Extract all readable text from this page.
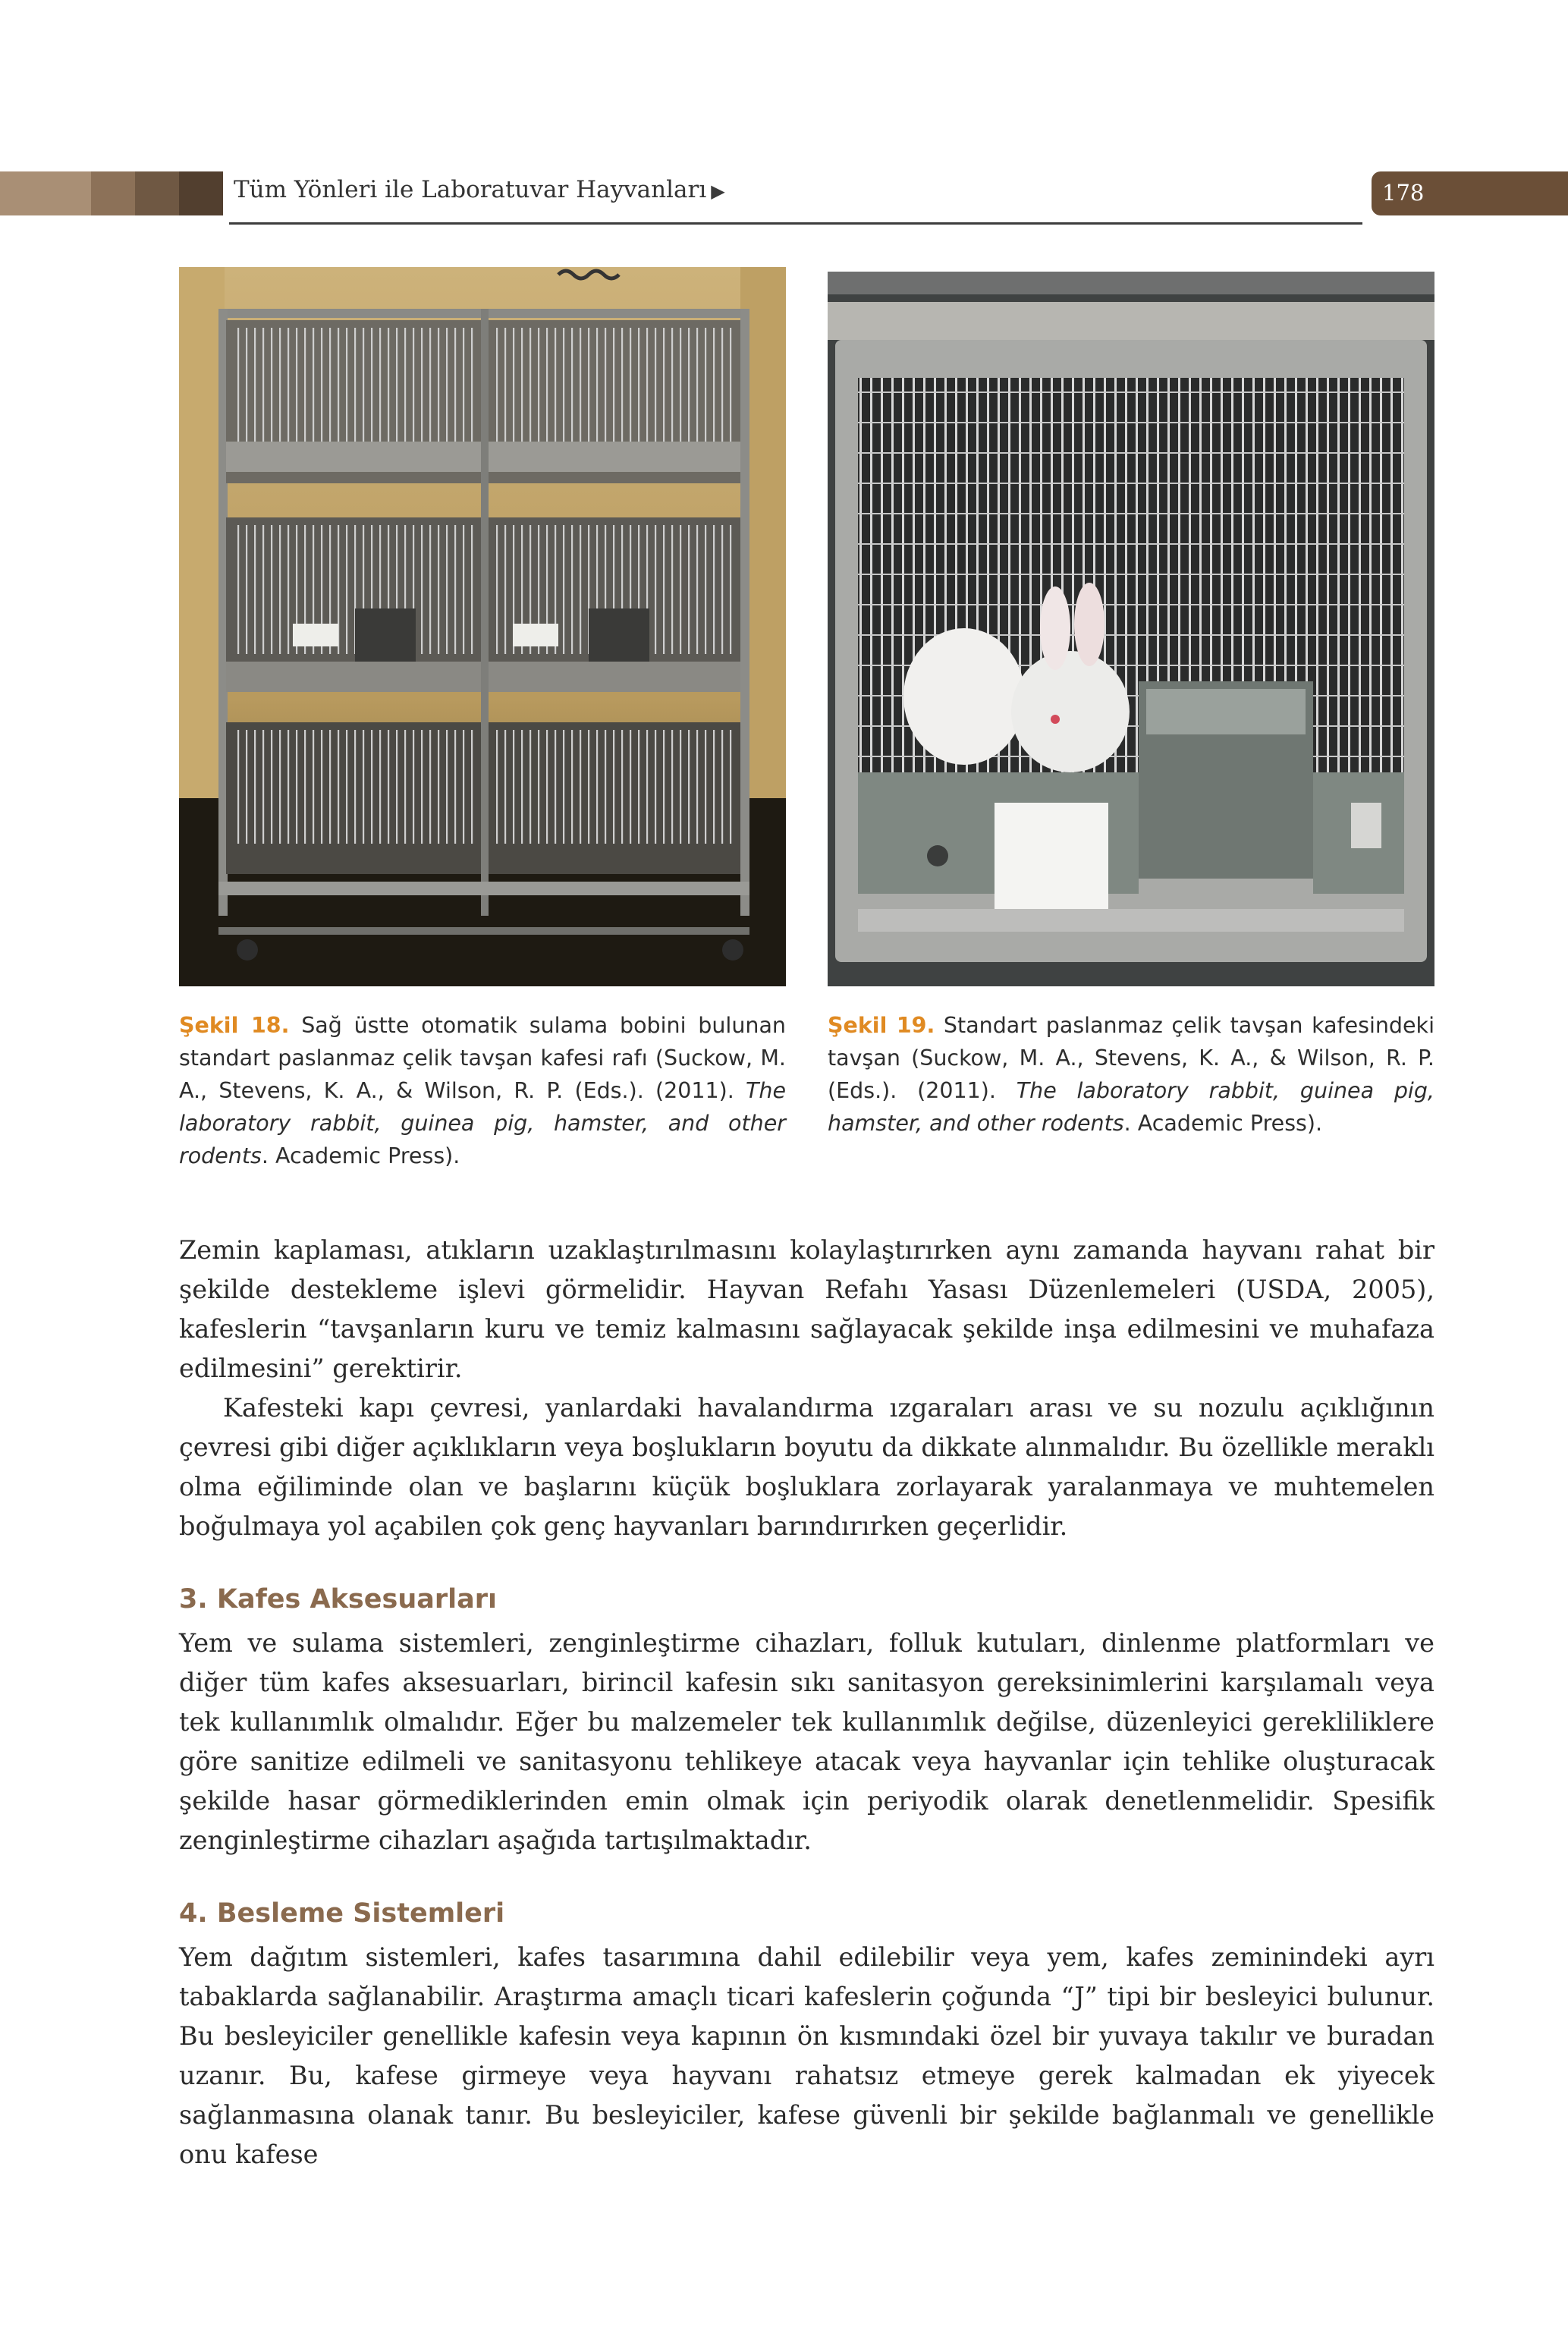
Tüm Yönleri ile Laboratuvar Hayvanları ▶	178
Şekil 18. Sağ üstte otomatik sulama bobini bulunan standart paslanmaz çelik tavşan kafesi rafı (Suckow, M. A., Stevens, K. A., & Wilson, R. P. (Eds.). (2011). The laboratory rabbit, guinea pig, hamster, and other rodents. Academic Press).
Şekil 19. Standart paslanmaz çelik tavşan kafesindeki tavşan (Suckow, M. A., Stevens, K. A., & Wilson, R. P. (Eds.). (2011). The laboratory rabbit, guinea pig, hamster, and other rodents. Academic Press).

Zemin kaplaması, atıkların uzaklaştırılmasını kolaylaştırırken aynı zamanda hayvanı rahat bir şekilde destekleme işlevi görmelidir. Hayvan Refahı Yasası Düzenlemeleri (USDA, 2005), kafeslerin “tavşanların kuru ve temiz kalmasını sağlayacak şekilde inşa edilmesini ve muhafaza edilmesini” gerektirir.

Kafesteki kapı çevresi, yanlardaki havalandırma ızgaraları arası ve su nozulu açıklığının çevresi gibi diğer açıklıkların veya boşlukların boyutu da dikkate alınmalıdır. Bu özellikle meraklı olma eğiliminde olan ve başlarını küçük boşluklara zorlayarak yaralanmaya ve muhtemelen boğulmaya yol açabilen çok genç hayvanları barındırırken geçerlidir.

3. Kafes Aksesuarları

Yem ve sulama sistemleri, zenginleştirme cihazları, folluk kutuları, dinlenme platformları ve diğer tüm kafes aksesuarları, birincil kafesin sıkı sanitasyon gereksinimlerini karşılamalı veya tek kullanımlık olmalıdır. Eğer bu malzemeler tek kullanımlık değilse, düzenleyici gerekliliklere göre sanitize edilmeli ve sanitasyonu tehlikeye atacak veya hayvanlar için tehlike oluşturacak şekilde hasar görmediklerinden emin olmak için periyodik olarak denetlenmelidir. Spesifik zenginleştirme cihazları aşağıda tartışılmaktadır.

4. Besleme Sistemleri

Yem dağıtım sistemleri, kafes tasarımına dahil edilebilir veya yem, kafes zeminindeki ayrı tabaklarda sağlanabilir. Araştırma amaçlı ticari kafeslerin çoğunda “J” tipi bir besleyici bulunur. Bu besleyiciler genellikle kafesin veya kapının ön kısmındaki özel bir yuvaya takılır ve buradan uzanır. Bu, kafese girmeye veya hayvanı rahatsız etmeye gerek kalmadan ek yiyecek sağlanmasına olanak tanır. Bu besleyiciler, kafese güvenli bir şekilde bağlanmalı ve genellikle onu kafese
